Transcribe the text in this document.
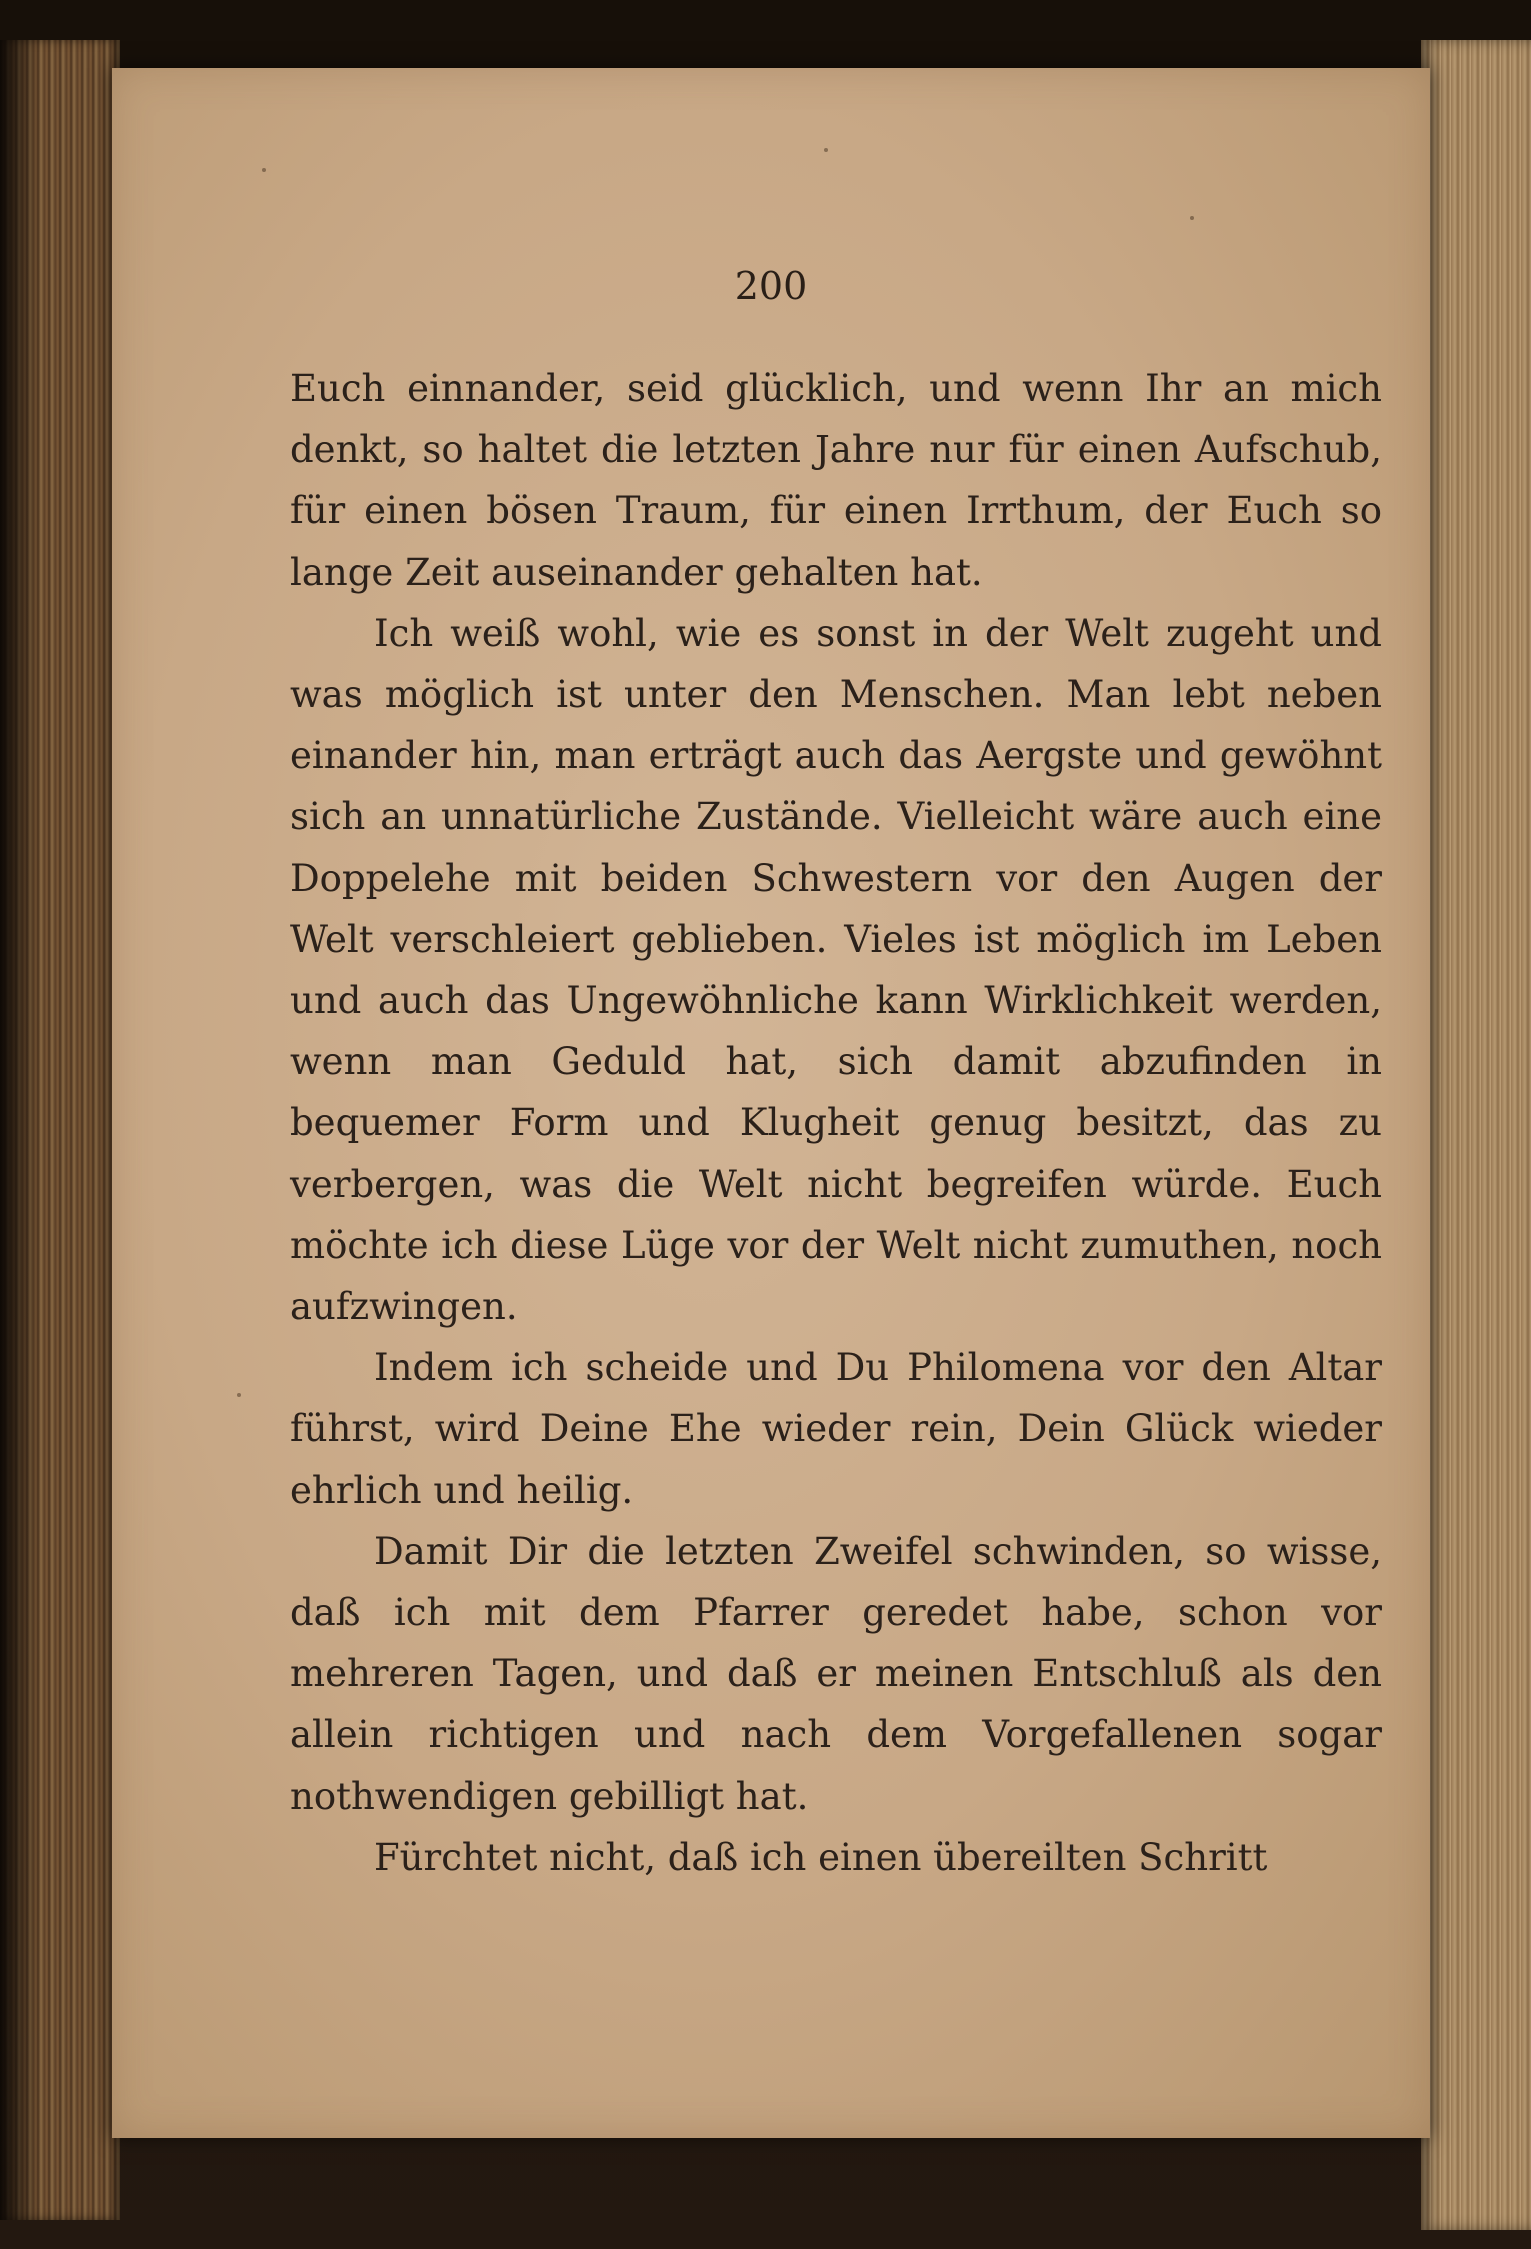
200

Euch einnander, seid glücklich, und wenn Ihr an mich denkt, so haltet die letzten Jahre nur für einen Aufschub, für einen bösen Traum, für einen Irrthum, der Euch so lange Zeit auseinander gehalten hat.

Ich weiß wohl, wie es sonst in der Welt zugeht und was möglich ist unter den Menschen. Man lebt neben einander hin, man erträgt auch das Aergste und gewöhnt sich an unnatürliche Zustände. Vielleicht wäre auch eine Doppelehe mit beiden Schwestern vor den Augen der Welt verschleiert geblieben. Vieles ist möglich im Leben und auch das Ungewöhnliche kann Wirklichkeit werden, wenn man Geduld hat, sich damit abzufinden in bequemer Form und Klugheit genug besitzt, das zu verbergen, was die Welt nicht begreifen würde. Euch möchte ich diese Lüge vor der Welt nicht zumuthen, noch aufzwingen.

Indem ich scheide und Du Philomena vor den Altar führst, wird Deine Ehe wieder rein, Dein Glück wieder ehrlich und heilig.

Damit Dir die letzten Zweifel schwinden, so wisse, daß ich mit dem Pfarrer geredet habe, schon vor mehreren Tagen, und daß er meinen Entschluß als den allein richtigen und nach dem Vorgefallenen sogar nothwendigen gebilligt hat.

Fürchtet nicht, daß ich einen übereilten Schritt
